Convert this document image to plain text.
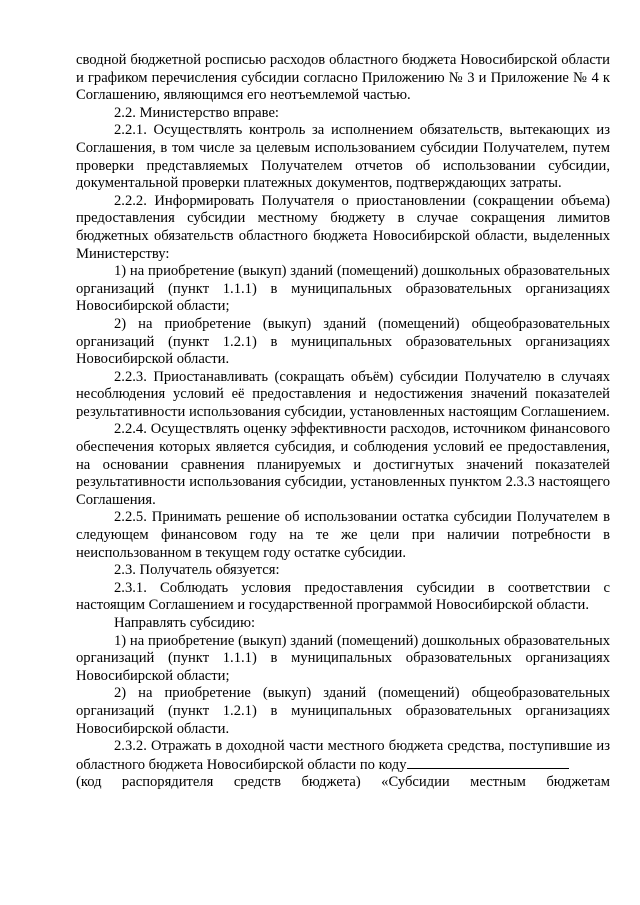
сводной бюджетной росписью расходов областного бюджета Новосибирской области и графиком перечисления субсидии согласно Приложению № 3 и Приложение № 4 к Соглашению, являющимся его неотъемлемой частью.

2.2. Министерство вправе:

2.2.1. Осуществлять контроль за исполнением обязательств, вытекающих из Соглашения, в том числе за целевым использованием субсидии Получателем, путем проверки представляемых Получателем отчетов об использовании субсидии, документальной проверки платежных документов, подтверждающих затраты.

2.2.2. Информировать Получателя о приостановлении (сокращении объема) предоставления субсидии местному бюджету в случае сокращения лимитов бюджетных обязательств областного бюджета Новосибирской области, выделенных Министерству:

1) на приобретение (выкуп) зданий (помещений) дошкольных образовательных организаций (пункт 1.1.1) в муниципальных образовательных организациях Новосибирской области;

2) на приобретение (выкуп) зданий (помещений) общеобразовательных организаций (пункт 1.2.1) в муниципальных образовательных организациях Новосибирской области.

2.2.3. Приостанавливать (сокращать объём) субсидии Получателю в случаях несоблюдения условий её предоставления и недостижения значений показателей результативности использования субсидии, установленных настоящим Соглашением.

2.2.4. Осуществлять оценку эффективности расходов, источником финансового обеспечения которых является субсидия, и соблюдения условий ее предоставления, на основании сравнения планируемых и достигнутых значений показателей результативности использования субсидии, установленных пунктом 2.3.3 настоящего Соглашения.

2.2.5. Принимать решение об использовании остатка субсидии Получателем в следующем финансовом году на те же цели при наличии потребности в неиспользованном в текущем году остатке субсидии.

2.3. Получатель обязуется:

2.3.1. Соблюдать условия предоставления субсидии в соответствии с настоящим Соглашением и государственной программой Новосибирской области.

Направлять субсидию:

1) на приобретение (выкуп) зданий (помещений) дошкольных образовательных организаций (пункт 1.1.1) в муниципальных образовательных организациях Новосибирской области;

2) на приобретение (выкуп) зданий (помещений) общеобразовательных организаций (пункт 1.2.1) в муниципальных образовательных организациях Новосибирской области.

2.3.2. Отражать в доходной части местного бюджета средства, поступившие из областного бюджета Новосибирской области по коду

(код распорядителя средств бюджета) «Субсидии местным бюджетам
